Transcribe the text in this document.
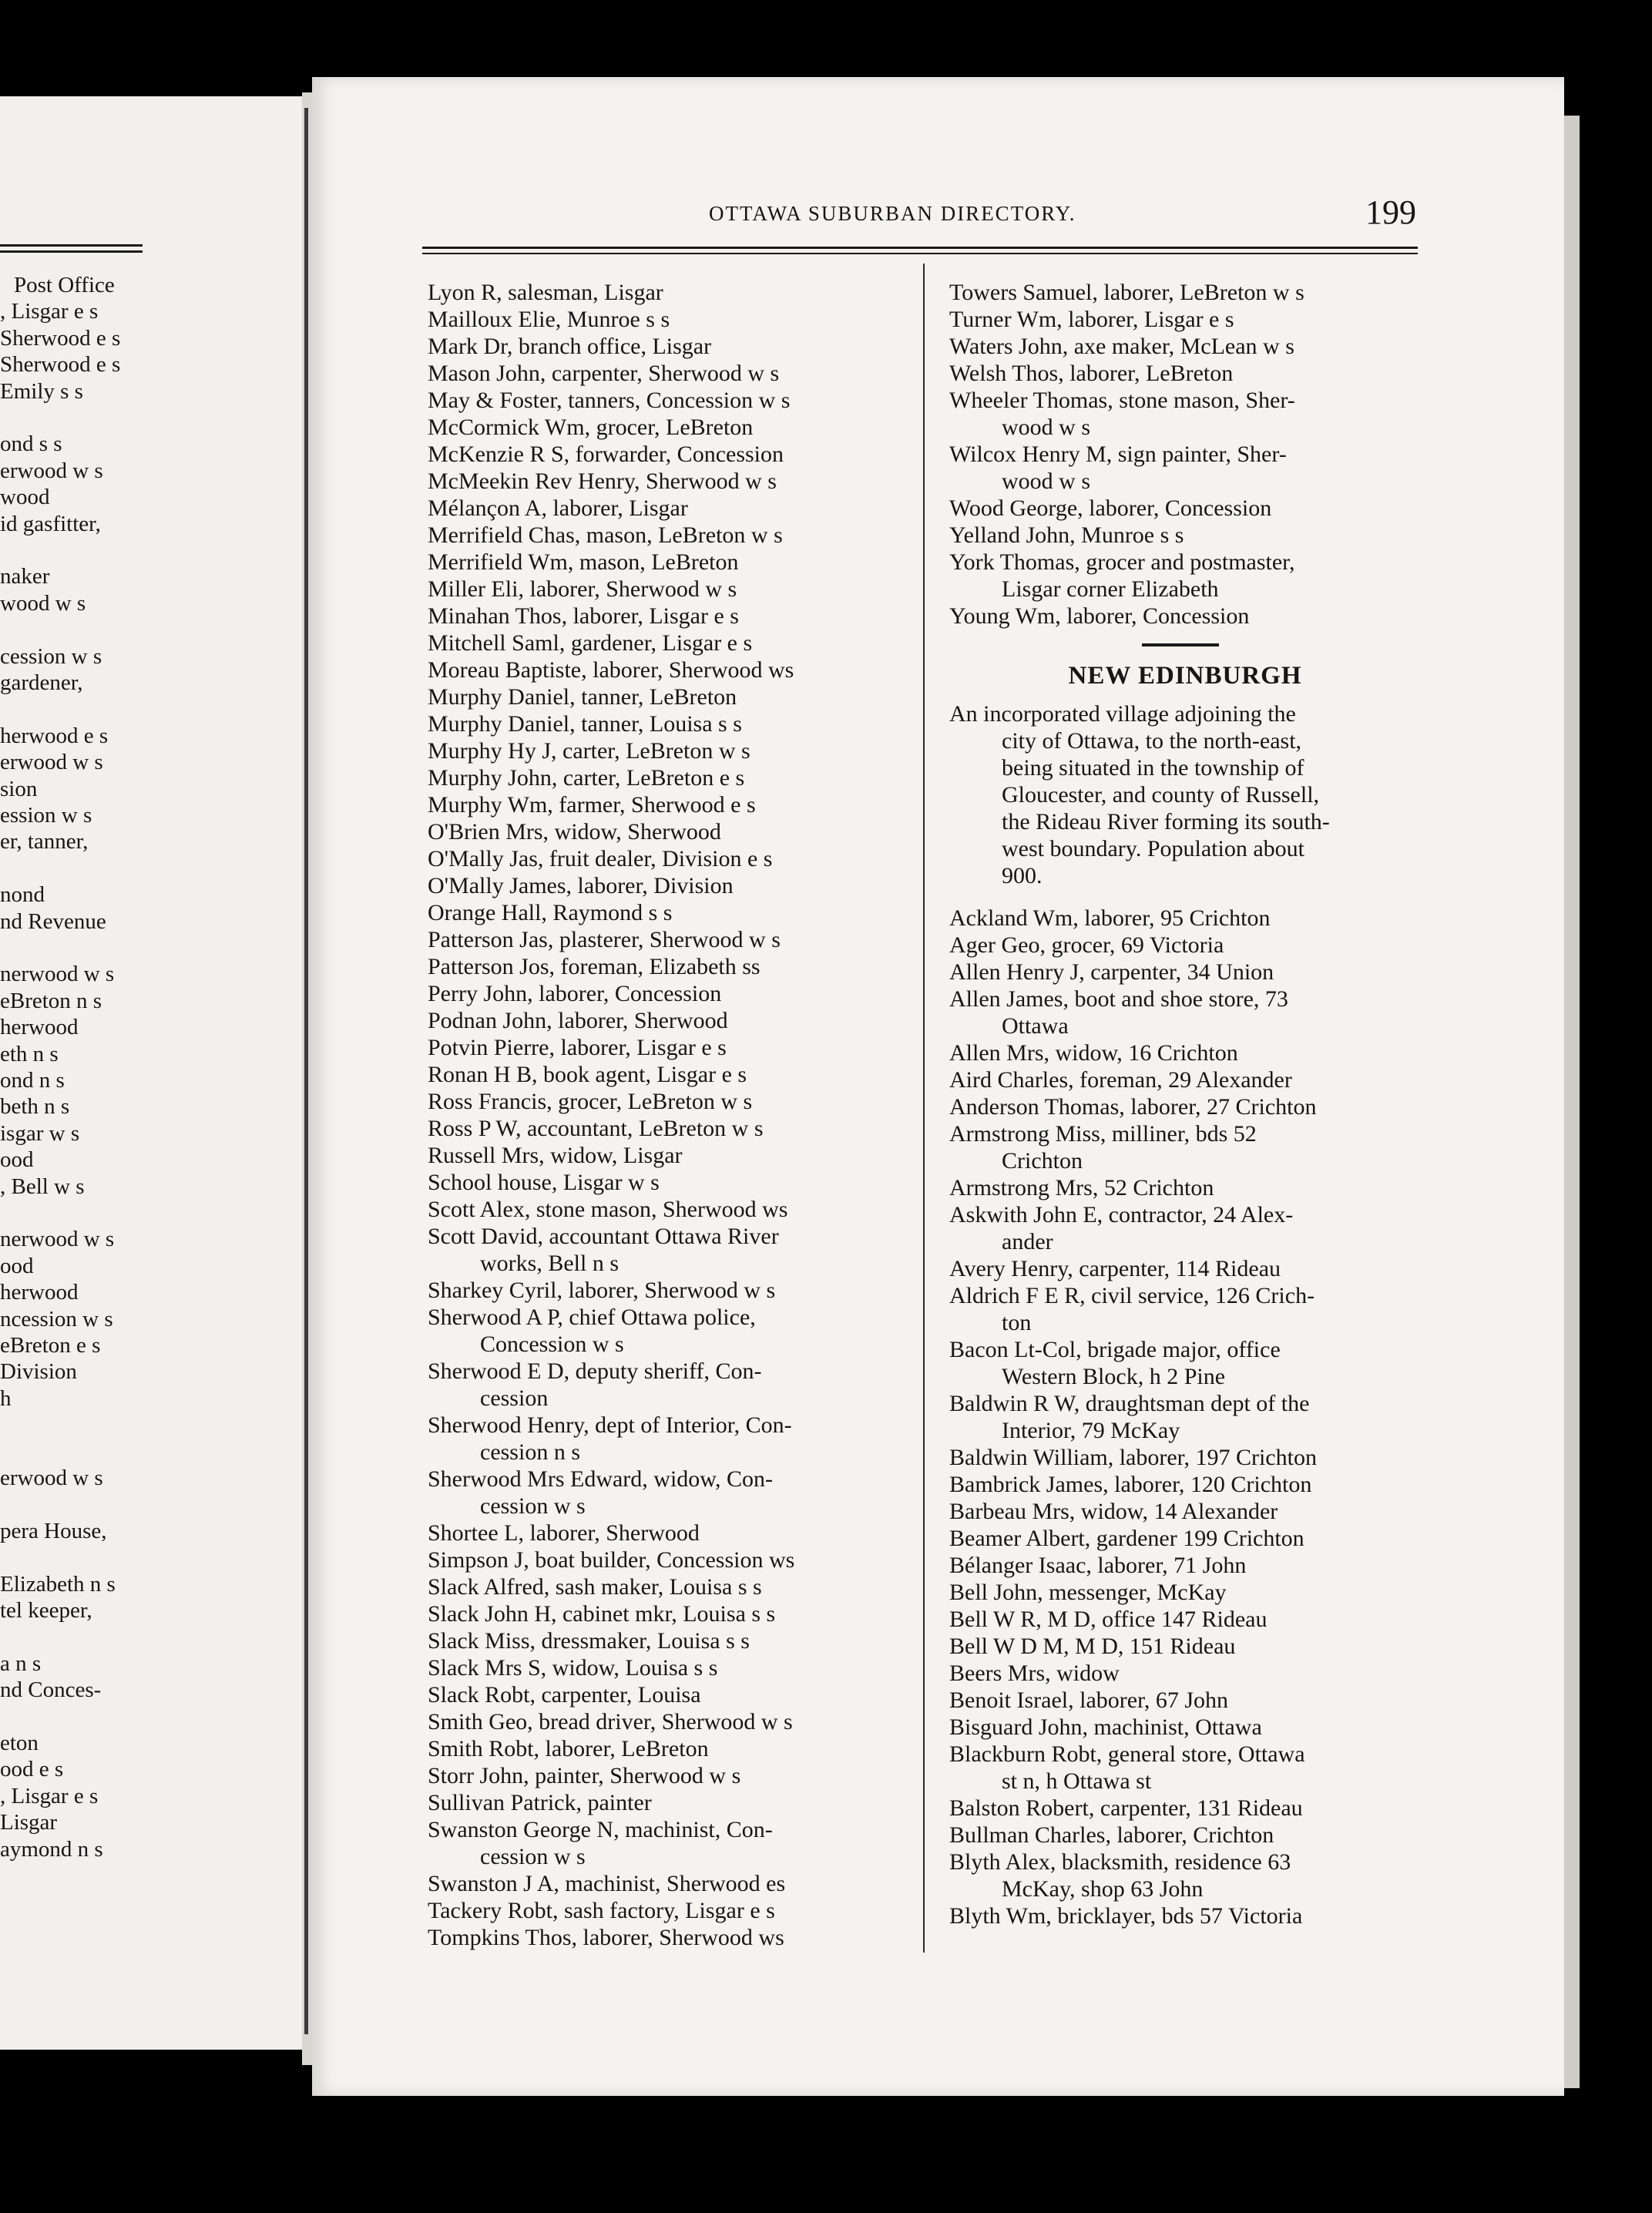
Post Office
, Lisgar e s
Sherwood e s
Sherwood e s
Emily s s
ond s s
erwood w s
wood
id gasfitter,
naker
wood w s
cession w s
gardener,
herwood e s
erwood w s
sion
ession w s
er, tanner,
nond
nd Revenue
nerwood w s
eBreton n s
herwood
eth n s
ond n s
beth n s
isgar w s
ood
, Bell w s
nerwood w s
ood
herwood
ncession w s
eBreton e s
Division
h
erwood w s
pera House,
Elizabeth n s
tel keeper,
a n s
nd Conces-
eton
ood e s
, Lisgar e s
Lisgar
aymond n s
OTTAWA SUBURBAN DIRECTORY.	199
Lyon R, salesman, Lisgar
Mailloux Elie, Munroe s s
Mark Dr, branch office, Lisgar
Mason John, carpenter, Sherwood w s
May & Foster, tanners, Concession w s
McCormick Wm, grocer, LeBreton
McKenzie R S, forwarder, Concession
McMeekin Rev Henry, Sherwood w s
Mélançon A, laborer, Lisgar
Merrifield Chas, mason, LeBreton w s
Merrifield Wm, mason, LeBreton
Miller Eli, laborer, Sherwood w s
Minahan Thos, laborer, Lisgar e s
Mitchell Saml, gardener, Lisgar e s
Moreau Baptiste, laborer, Sherwood ws
Murphy Daniel, tanner, LeBreton
Murphy Daniel, tanner, Louisa s s
Murphy Hy J, carter, LeBreton w s
Murphy John, carter, LeBreton e s
Murphy Wm, farmer, Sherwood e s
O'Brien Mrs, widow, Sherwood
O'Mally Jas, fruit dealer, Division e s
O'Mally James, laborer, Division
Orange Hall, Raymond s s
Patterson Jas, plasterer, Sherwood w s
Patterson Jos, foreman, Elizabeth ss
Perry John, laborer, Concession
Podnan John, laborer, Sherwood
Potvin Pierre, laborer, Lisgar e s
Ronan H B, book agent, Lisgar e s
Ross Francis, grocer, LeBreton w s
Ross P W, accountant, LeBreton w s
Russell Mrs, widow, Lisgar
School house, Lisgar w s
Scott Alex, stone mason, Sherwood ws
Scott David, accountant Ottawa River
works, Bell n s
Sharkey Cyril, laborer, Sherwood w s
Sherwood A P, chief Ottawa police,
Concession w s
Sherwood E D, deputy sheriff, Con-
cession
Sherwood Henry, dept of Interior, Con-
cession n s
Sherwood Mrs Edward, widow, Con-
cession w s
Shortee L, laborer, Sherwood
Simpson J, boat builder, Concession ws
Slack Alfred, sash maker, Louisa s s
Slack John H, cabinet mkr, Louisa s s
Slack Miss, dressmaker, Louisa s s
Slack Mrs S, widow, Louisa s s
Slack Robt, carpenter, Louisa
Smith Geo, bread driver, Sherwood w s
Smith Robt, laborer, LeBreton
Storr John, painter, Sherwood w s
Sullivan Patrick, painter
Swanston George N, machinist, Con-
cession w s
Swanston J A, machinist, Sherwood es
Tackery Robt, sash factory, Lisgar e s
Tompkins Thos, laborer, Sherwood ws
Towers Samuel, laborer, LeBreton w s
Turner Wm, laborer, Lisgar e s
Waters John, axe maker, McLean w s
Welsh Thos, laborer, LeBreton
Wheeler Thomas, stone mason, Sher-
wood w s
Wilcox Henry M, sign painter, Sher-
wood w s
Wood George, laborer, Concession
Yelland John, Munroe s s
York Thomas, grocer and postmaster,
Lisgar corner Elizabeth
Young Wm, laborer, Concession
NEW EDINBURGH
An incorporated village adjoining the
city of Ottawa, to the north-east,
being situated in the township of
Gloucester, and county of Russell,
the Rideau River forming its south-
west boundary. Population about
900.
Ackland Wm, laborer, 95 Crichton
Ager Geo, grocer, 69 Victoria
Allen Henry J, carpenter, 34 Union
Allen James, boot and shoe store, 73
Ottawa
Allen Mrs, widow, 16 Crichton
Aird Charles, foreman, 29 Alexander
Anderson Thomas, laborer, 27 Crichton
Armstrong Miss, milliner, bds 52
Crichton
Armstrong Mrs, 52 Crichton
Askwith John E, contractor, 24 Alex-
ander
Avery Henry, carpenter, 114 Rideau
Aldrich F E R, civil service, 126 Crich-
ton
Bacon Lt-Col, brigade major, office
Western Block, h 2 Pine
Baldwin R W, draughtsman dept of the
Interior, 79 McKay
Baldwin William, laborer, 197 Crichton
Bambrick James, laborer, 120 Crichton
Barbeau Mrs, widow, 14 Alexander
Beamer Albert, gardener 199 Crichton
Bélanger Isaac, laborer, 71 John
Bell John, messenger, McKay
Bell W R, M D, office 147 Rideau
Bell W D M, M D, 151 Rideau
Beers Mrs, widow
Benoit Israel, laborer, 67 John
Bisguard John, machinist, Ottawa
Blackburn Robt, general store, Ottawa
st n, h Ottawa st
Balston Robert, carpenter, 131 Rideau
Bullman Charles, laborer, Crichton
Blyth Alex, blacksmith, residence 63
McKay, shop 63 John
Blyth Wm, bricklayer, bds 57 Victoria
